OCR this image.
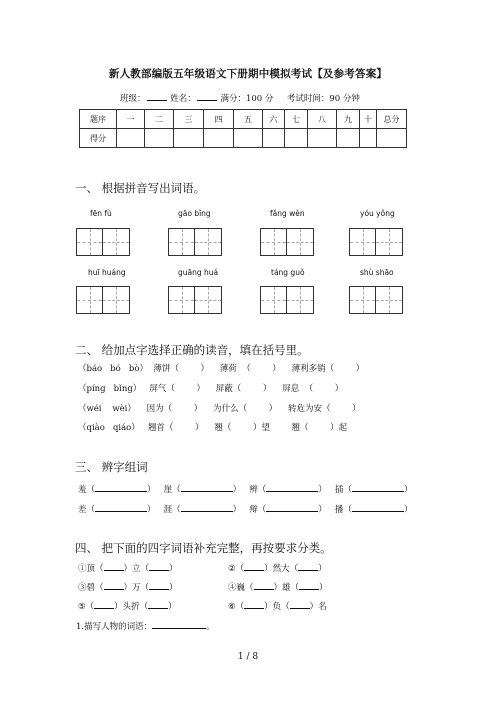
新人教部编版五年级语文下册期中模拟考试【及参考答案】
班级：	姓名：	满分：100 分 考试时间：90 分钟
题序	一	二	三	四	五	六	七	八	九	十	总分
得分											
一、 根据拼音写出词语。
fēn fù	gāo bǐng	fǎng wèn	yóu yǒng
huī huáng	guāng huá	táng guǒ	shù shāo
二、 给加点字选择正确的读音，填在括号里。
（báo   bó   bò）  薄饼（        ）    薄荷  （        ）    薄利多销（        ）
（píng   bǐng）   屏气（        ）    屏蔽（        ）    屏息  （        ）
（wéi    wèi）    因为（        ）    为什么（        ）    转危为安（        ）
（qiào   qiáo）   翘首（        ）    翘（        ）望        翘（        ）起
三、 辨字组词
羞（	） 崖（	） 辨（	） 插（	）
差（	） 涯（	） 辩（	） 播（	）
四、 把下面的四字词语补充完整，再按要求分类。
①顶（ ）立（ ）	②（ ）然大（ ）
③碧（ ）万（ ）	④巍（ ）雄（ ）
⑤（ ）头折（ ）	⑥（ ）负（ ）名
1.描写人物的词语：	。
1 / 8
